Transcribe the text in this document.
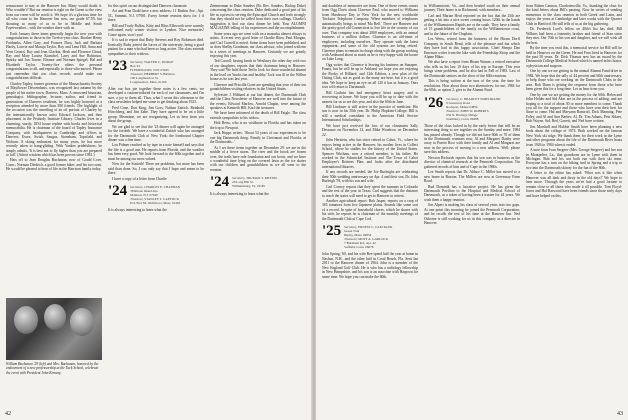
reassurance to stay at the Hanover Inn. Many would doubt it. Who wouldn't? But our reunion is right on the Green so the view from our room will be worth it. We hope it's a glorious time for all who come to the Hanover Inn now, our grade 67.5% but shouting so many of us to be in Middle and South Fayerweather... with the weather there with us.

Each January these items generally begin the new year with congratulations to those in the Twelve-year class. Brother Henry Fairbanks, Allen Gary, and Frances Dara, Jack and Barbara Hardy, Lawrie and Maruja Taylor, Roy and Lena Hill, Anna and Vern Gerard, Roy and Jean Glackin, Herb and Florence Cloud, Ray and Mary Louise Kranchel, Larry and Sue Robinson, Sparky and Jan Towne, Eleanor and Norman Spiegel, Hal and Elizabeth Taylor. Twenty-five others the personal congratulations to all, and especially to those who moved. Please just remember that our class records would make our congratulations difficult.

Charley Tapley, former governor of the Massachusetts Society of Mayflower Descendants, was recognized last autumn by the people of his native town, Danvers, Mass. A renowned historian, genealogist, bibliographer, lecturer, author, and friend to generations of Danvers residents, he was highly honored at a reception attended by more than 300 friends. The highlight of the occasion was the unveiling of an oil portrait of Charley by the internationally known artist Edward Jackson, and then placement in the Peabody Institute Library. Charles lives in a charming, sturdy, 1854 house replete with books and historical memorabilia. He is chairman of the board of Tapley Insurance Company, with headquarters in Cambridge and offices in Danvers, Essex, Swish, Saugus, Stoneham, Topsfield, and Woburn. A skiing enthusiast for many years, he has more recently taken to hang-gliding. With Yankee pridefulness, he simply admits, 'It is best not to fly higher than you are prepared to fall.' (Adroit wisdom which has been proven since 1981.)

Hats off to Jean Douglas Buchanan, now of Gould Cove, Conn.; Norman Diedrich, a good former hiker; and his two sons. He would be pleased to hear of life in the Harrison family today.

William Buchanan '29 (left) and Mrs. Buchanan, honored by the endowment of a new professorship at the Tuck School, celebrate the event with President John Kemeny.

for this spirit on our distinguished Danvers classmate.

Art and Fran Dodd have a new address: 11 Ruskin Ave., Apt. 5C, Summit, N.J. 07901. Every former reunion show for 1 if there.

Bill and Trudy Ballou, Kitty and Bliss Ellsworth were warmly welcomed early winter visitors to Lyndon. Nice memories! Come again, won't you!

It is sad to report that Ruby Stevens and Roy Robinson died. Ironically Ruby joined the forces of the university, being a good patient for a man who had been so long active. The class extends sympathies to their widows.

'23 Secretary, WALTER C. DODGE
Box 34
FLEMINGTON, N.H. 03045
Treasurer, HERBERT S. BRAGG
100 Longmeadow St.
Longmeadow, Mass. 01106

After our box pie together these notes is a few cents, we developed a custom-tailored for each of our classmates, and I'm sure, a joy to them all. Thus, what I wrote this afternoon to the class newsletter helped me some to get thinking about 1923.

Fred Cone, Don King, Jim Goss, Nathan Zattich, Reinhold Hirschberg, and Jim Zabe. They have agreed to be on a little group. Meantime, we are reorganizing. Let us hear from you about the group.

We are glad to see that the '23 dinner will again be arranged for the fortieth. We have a wonderful Zattich who has arranged for the Dartmouth Club of New York; the Ironbound Chapter dinner was a fine time.

Lou Palmer reached us by tape in a note himself and says that the life is a good one. He reports from Florida, and the weather has been very good. We look forward to the 60th together and it must be among our most valued.

Now for the Sixtieth! There are problems, but more has been said than done. So, I can only say that I hope and mean to be there.

I have a copy of a letter from Charlie

'24 Secretary, CHARLES E. CHAPMAN
38 Rhode Island Ave.
Madison, N.J. 07940
Treasurer, STANLEY T. CAPSTICK
P.O. Box 83, Wolfeboro, Mass. 01463

It is always interesting to learn what the

Zimmerman to Duke Sanders (Rt. Rev. Sanders, Bishop Duke) concerning the class reunion. Duke dedicated a good part of his life as a priest to serving the Episcopal Church and feels strongly that they should not be called from their own callings. Charlie's suggestion is that our class dinner be held, Your ALUMNI MAGAZINE telling of his experiences and the accomplishment.

Some years ago we went with on a mazurka almost always to artists. A recent very good letter of Charlie Rhea, Paul Morgan, and Carl Cornell is noted. Some items have been published, and so does Shelby Goodman, our class advisor, who joined with me in a series of meetings in Hanover. Certainly we are greatly enjoying this year.

Ted Carroll, having lunch in Westbury the other day with two of our daughters, reports that their chairman being in Hanover. They said 'We hold those Ted to look for those wonderful alumni in the lead' on 'books fun and healthy.' Jack was ill in the Wilbur house as he was last year.

Clarence and Priscilla Gone are spending that year of their ten grandchildren visiting relatives in the United States.

Sylvester J. Hibbard at our last dinner, the Dartmouth Club and the Class Newsletter of Hanover are well into the future of the events. Edward Marlow, Arnold Chapin, were among the speakers at Kenneth Hill. Karl the treasurer.

We have been informed of the death of Bill Faigle. The class extends sympathies to his widow.

Holt Reiss, who is no wishbone in Florida and has taken on the trip to Newport.

Jack Hopps writes: 'About 52 years of our experiences to be one big Dartmouth thing. Family in Cincinnati and Florida; at the Dartmouth...'

As I set these items together on December 29, we are in the middle of a fierce storm. The river and the brook are frozen over, the trails have rule foundation and our boots, and we have a wonderful time lying on the covered lawn as the ice skates with our children and grandchildren as we all went to the reunion.

'24 Secretary, TRUMAN T. METZEL
29 Long Hill St.
Williamsburg, Va. 23185

It is always interesting to learn what the

42

and doubtless of memories are from. One of these events comes from Ogg Davis about Clarence Paul, who moved to Williams from Hardaway Day to New York for the new worldwide Trickster Telephone Company. When members of telephones automatically brings to mind 'Ma Bell.' There are Hanover and the pretty-good old Connecticut to live life in the country of our own. That company was about 2000 employees, with an annual business of a million dollars. Clarence is an old-timer of employees, including ourselves. They operate with the latest equipment, and some of the old systems are being retired. Clarence plans to remain in charge along with the group working with Aedmond about as much as he is very happy with the house on Lake Long.

Ogg writes that Clarence is leaving his business on Sunapee, Fanny, but he will be up to Ashland, we hope you are enjoying the Rocky of Hilliard; and 12th Edition, a new plan of the Outing Club, not as good as the many are here, but it is a good idea. We hope to keep an eye on all 120 it has in January. Ours tour will return to Dartmouth.

Bill Godwin has had emergency heart surgery and is recovering at home. We hope you will be up to date with the nearest for us to see this year, and also the 60th in June.

Bill Lindauer is still active in the practice of medicine. His son is now in his 50th year. Dr. Philip Hopkins-College. Bill is still a medical consultant to the American Field Service International Scholarships.

We have just received the loss of our classmates Sally Dessasue on November 12, and Mike Woodrow on December 22.

John Herstein, who has since retired to Cabot, Vt., where he enjoys being active in the Hanover, his mother lives in Collect School, where he studies for the history of the United States. Spencer Wirtham, now a retired member, is his father. He worked in the Schmickel Institute and The Town of Cabot Employee's Retirees Plan, and looks after the distributed international libraries.

If any records are needed, the Joe Burleighs are celebrating their 50th wedding anniversary on Apr. 4 and their son, Dr. John Burleigh '59, with his son and wife.

Carl Conroy reports that they spent the summer in Colorado and the rest of the year in Texas. Carl suggests that the distance to reach the states will need to get to Hanover to retreat.

Another agricultural report: Bob Jasper, reports on a crop of 365 tomatoes from five Japanese plants. Sounds like some sort of a record. In spite of household chores, which he shares with his wife, he reports he is chairman of the monthly meetings of the Dartmouth Club of Cape Cod.

'25 Secretary, ERNEST C. GLECKLER
Green Trail
Ripley, Mass. 04854
Treasurer, MOTT A. GARLOCK
7 Burnham Rd., Apt. 42
Suffield, Conn. 06078

John Spring, '60, and his wife Bee spend half the year at home in Nashua, N.H., and the other half in Coral Beach, Fla. Sent Jan 2011 to the Hanover dinner of 1964. John is a member of the New England Golf Club. He is who has a radiology fellowship in New Hampshire, and his son is an associate with Harpoon for some time. We hope you can make the 60th.

in Williamstown, Va., and then headed south on their annual journey. Their home is in Richmond, with members...

Carl and Marian Heid reported on the fact that the 25th are getting a bit into a nice sweet coming hours 120th in the hands of the Williamstown Rapids are at the south. They have a family of 15 grandchildren of the family on the Williamstown coast, and in the future of the Chaplain.

Les Weiss, retired from the business of the Hiram Dorff Company in South Bend, tells of the pleasure and fun which they have had in this happy association. Chief Sherpa Dan Emerson writes from the lake with the Friendship Sloop and the Alpine Hiker.

We also have a report from Hiram Warner, a retired executive who tells us his last 10 days of his trip to Europe. This year brings some problems, and he also had in Fall of 1983. Last of the Dartmouth seniors on the show of the 60th reunions.

This is being written at the turn of the year, the time for resolutions. How about those two alternatives; for me, 1984 for the 60th, or option 2, give to the Alumni Fund.

'26 Secretary, C. BRADLEY NORSTRAND
9 Greenway Road
Rockport, Maine 04856
Treasurer, JOHN W. ROBERTS
932 N. Heritage Village
Southbury, Conn. 06488

Those of the class lucked in by the early freeze that will be an interesting thing to see together on the Sunday and more. 1984 has passed already. Though we did not have 60th or 70 of them in the Dartmouth reunions now, Al and Margaret Danby were away to Puerto Rico with their family and Al and Margaret are now in the process of moving to a new address. Well, please save this address.

Newton Richards reports that his son was in business as the director of chemical research at the Pennwalt Corporation. Vin gathered records of him and of Cape in the 1960s.

Lee Smith reports that Dr. Aldace C. Miller has moved to a new home in Buxton. The Millers are now at Greenway Farm Road.

Bud Dominik has a lucrative project. He has given the Dartmouth Pavilion to the Hospital and Medical School of Dartmouth, as a token of having been a trustee for 44 years. We wish them a happy reunion.

Jim Alpert is making his class of several years into two gaps. At one point this morning he joined the Pennwalt Corporation, and he recalls the rest of his time at the Hanover Inn. Ned Osborne is still working for us in this company as a director in Hanover.

from Ruben Cannon, Charlottesville, Va., thanking the class for the kind letters about Bill's passing. Now he writes of sending mementos to the class reunion in both Greek and Latin, and enjoys the years at Cambridge and later works with the Quarter Club in Hartford. He still tells of us at the big gathering.

Dr. Frederick Lord's fellow on 40th's list has died. Bill Wilkins had been a fraternity brother and friend of Stan since they met. Our 70th to his son and daughter, and we will wish all the best.

By the time you read this, a memorial service for Bill will be held in Hanover on the Green. He and Fran lived in Hanover for the past 50 years. Dr. Dick Thomas now has an award by the Dartmouth College Medical School which is named in his honor, a physician and surgeon.

One by one we are getting in the annual Alumni Fund drive in 1984. We hope that the tally of 44 percent and 60th anniversary, to help those who are working on the Dartmouth Clubs in the area. Bob Dunn is getting the response from those who have been given this for a long time. Let us hear from you.

One by one we are getting the money for the 60th. Helen and John Holder and Sid Aker are in the process of adding, and are hoping to a total of about 30 or more members to come. Thank you all for the support and those who have sent their best for those to come. Hal and Maryann Bancroft, Dick Manning, Pete Foley, and Al and Ann Barber, Al, Dr. Tim Adams, Pete Shlaes, Bob Wayne, Sid, Red, Garrett, and Ned have written.

Jim Marshall and Hubbie Smith have been planning a new book about the college of 1974. Both worked on the famous New York ski ridge. We thank them for their work in the Lyme and other programs about the life of the Dartmouth River boats from 1926 to 1984 when it ended.

A note from Ivan Sergeev (Mrs. George Sergeev) and her son in Montpelier, La., that grandsons are in Lyme with them in Michigan. Bob and his son both run with their ski team. Everyone has a turn on the hiking trail in Spring and a trip or two into the Dartmouth skiway for the fun of the 60th.

A letter to the editor has asked: 'What was it like when Hanover was all dark and dusty in the old days?' We hope to hear more. Through the years we've had a good fortune to remain close to all those who made it all possible. Tom Floyd-Jones and Hal Harwood have been friends since those early days and have helped on this.

43
